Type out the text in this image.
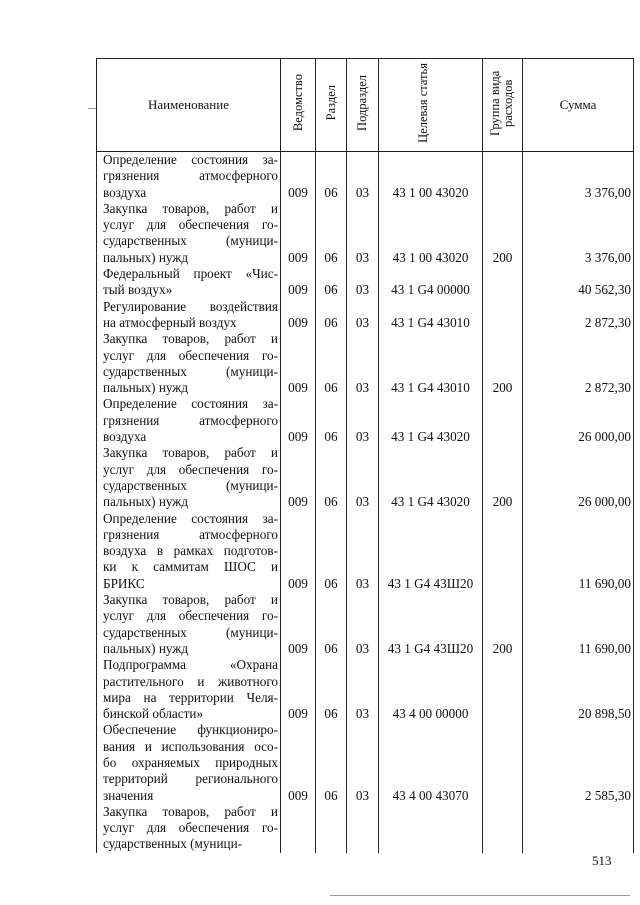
Наименование	Ведомство	Раздел	Подраздел	Целевая статья	Группа вида расходов	Сумма

Определение состояния за-
грязнения атмосферного
воздуха	009	06	03	43 1 00 43020		3 376,00

Закупка товаров, работ и
услуг для обеспечения го-
сударственных (муници-
пальных) нужд	009	06	03	43 1 00 43020	200	3 376,00

Федеральный проект «Чис-
тый воздух»	009	06	03	43 1 G4 00000		40 562,30

Регулирование воздействия
на атмосферный воздух	009	06	03	43 1 G4 43010		2 872,30

Закупка товаров, работ и
услуг для обеспечения го-
сударственных (муници-
пальных) нужд	009	06	03	43 1 G4 43010	200	2 872,30

Определение состояния за-
грязнения атмосферного
воздуха	009	06	03	43 1 G4 43020		26 000,00

Закупка товаров, работ и
услуг для обеспечения го-
сударственных (муници-
пальных) нужд	009	06	03	43 1 G4 43020	200	26 000,00

Определение состояния за-
грязнения атмосферного
воздуха в рамках подготов-
ки к саммитам ШОС и
БРИКС	009	06	03	43 1 G4 43Ш20		11 690,00

Закупка товаров, работ и
услуг для обеспечения го-
сударственных (муници-
пальных) нужд	009	06	03	43 1 G4 43Ш20	200	11 690,00

Подпрограмма «Охрана
растительного и животного
мира на территории Челя-
бинской области»	009	06	03	43 4 00 00000		20 898,50

Обеспечение функциониро-
вания и использования осо-
бо охраняемых природных
территорий регионального
значения	009	06	03	43 4 00 43070		2 585,30

Закупка товаров, работ и
услуг для обеспечения го-
сударственных (муници-						

513
